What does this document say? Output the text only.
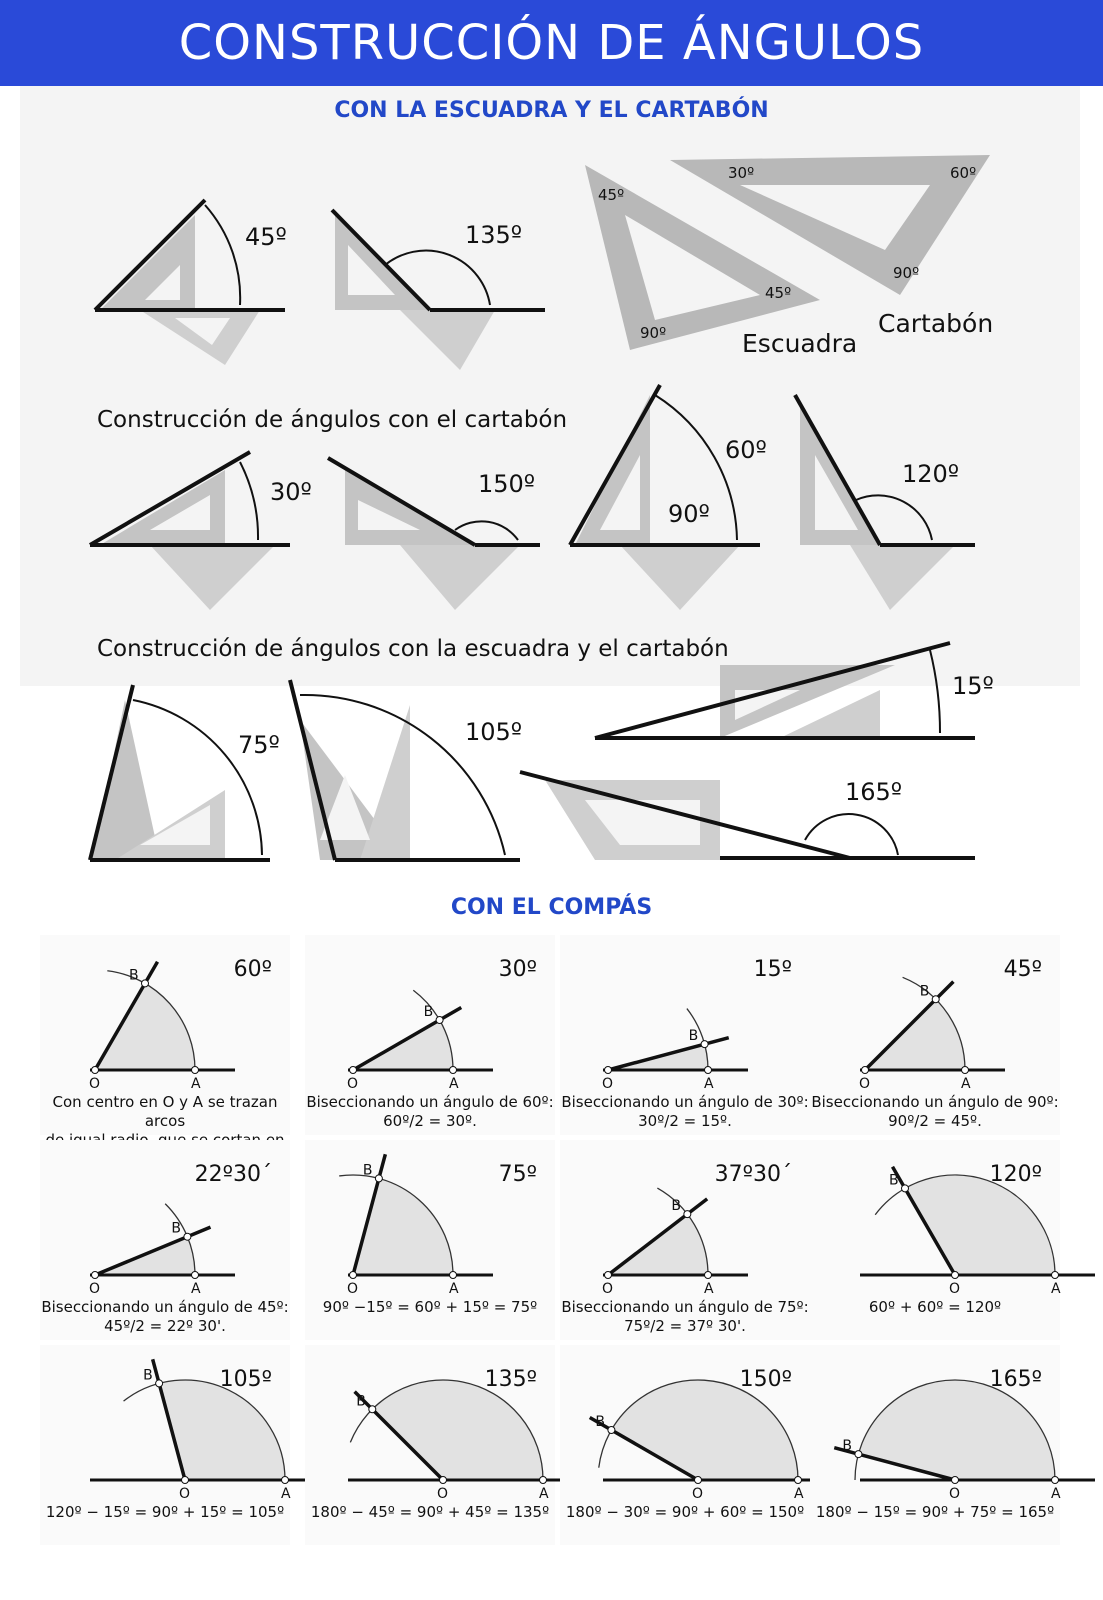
CONSTRUCCIÓN DE ÁNGULOS
CON LA ESCUADRA Y EL CARTABÓN
45º	135º
45º
45º
90º
30º	60º
90º
Escuadra
Cartabón
30º	150º
60º
90º
120º
75º	105º
15º
165º
Construcción de ángulos con el cartabón
Construcción de ángulos con la escuadra y el cartabón
CON EL COMPÁS
60º
O	A
B
Con centro en O y A se trazan arcos
30º
O	A
B
Biseccionando un ángulo de 60º:
60º/2 = 30º.
15º
O	A
B
Biseccionando un ángulo de 30º:
30º/2 = 15º.
45º
O	A
B
Biseccionando un ángulo de 90º:
90º/2 = 45º.
22º30´
O	A
B
Biseccionando un ángulo de 45º:
45º/2 = 22º 30'.
75º
O	A
B
90º −15º = 60º + 15º = 75º
37º30´
O	A
B
Biseccionando un ángulo de 75º:
75º/2 = 37º 30'.
120º
O	A
B
60º + 60º = 120º
105º
O	A
B
120º − 15º = 90º + 15º = 105º
135º
O	A
B
180º − 45º = 90º + 45º = 135º
150º
O	A
B
180º − 30º = 90º + 60º = 150º
165º
O	A
B
180º − 15º = 90º + 75º = 165º
